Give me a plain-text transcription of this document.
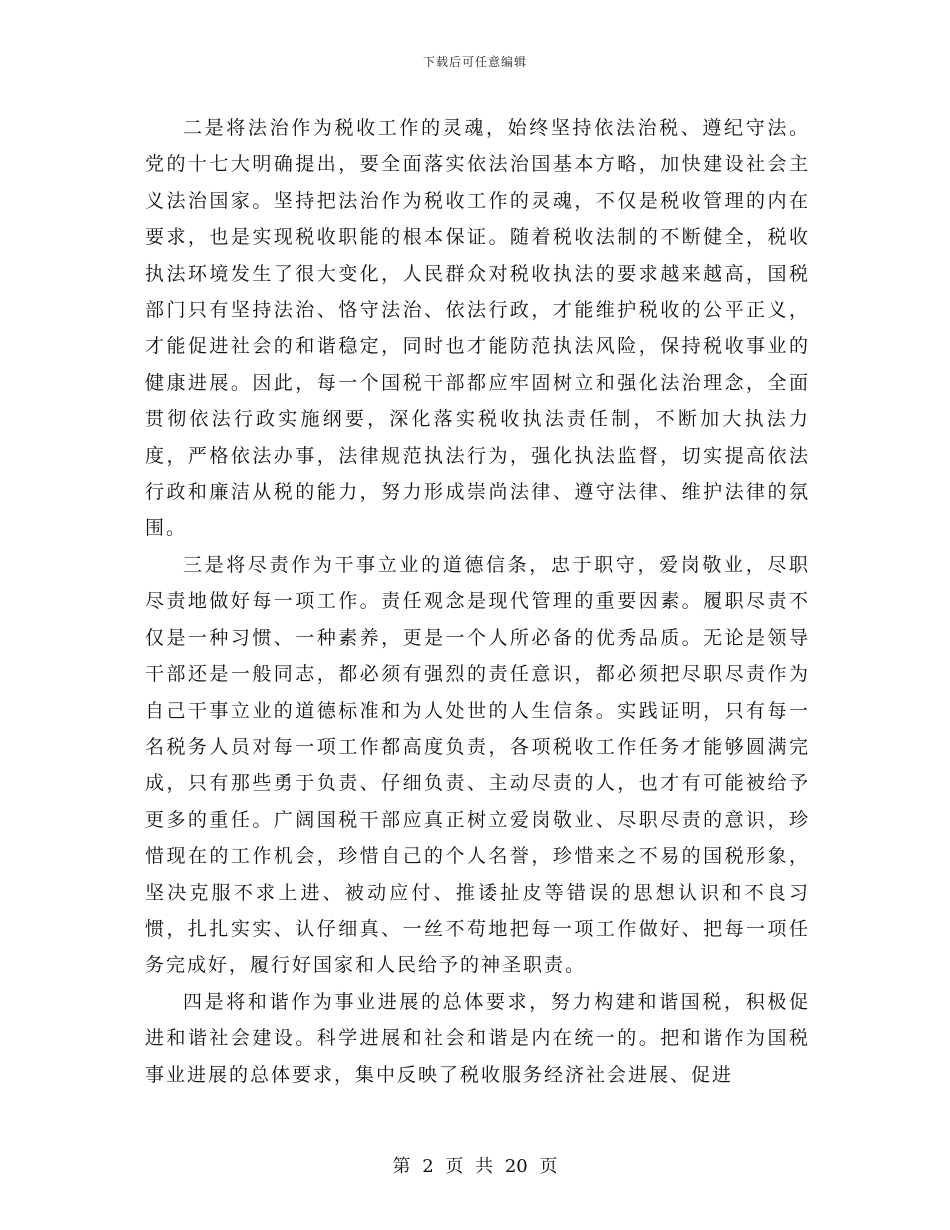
下载后可任意编辑

二是将法治作为税收工作的灵魂，始终坚持依法治税、遵纪守法。党的十七大明确提出，要全面落实依法治国基本方略，加快建设社会主义法治国家。坚持把法治作为税收工作的灵魂，不仅是税收管理的内在要求，也是实现税收职能的根本保证。随着税收法制的不断健全，税收执法环境发生了很大变化，人民群众对税收执法的要求越来越高，国税部门只有坚持法治、恪守法治、依法行政，才能维护税收的公平正义，才能促进社会的和谐稳定，同时也才能防范执法风险，保持税收事业的健康进展。因此，每一个国税干部都应牢固树立和强化法治理念，全面贯彻依法行政实施纲要，深化落实税收执法责任制，不断加大执法力度，严格依法办事，法律规范执法行为，强化执法监督，切实提高依法行政和廉洁从税的能力，努力形成崇尚法律、遵守法律、维护法律的氛围。

三是将尽责作为干事立业的道德信条，忠于职守，爱岗敬业，尽职尽责地做好每一项工作。责任观念是现代管理的重要因素。履职尽责不仅是一种习惯、一种素养，更是一个人所必备的优秀品质。无论是领导干部还是一般同志，都必须有强烈的责任意识，都必须把尽职尽责作为自己干事立业的道德标准和为人处世的人生信条。实践证明，只有每一名税务人员对每一项工作都高度负责，各项税收工作任务才能够圆满完成，只有那些勇于负责、仔细负责、主动尽责的人，也才有可能被给予更多的重任。广阔国税干部应真正树立爱岗敬业、尽职尽责的意识，珍惜现在的工作机会，珍惜自己的个人名誉，珍惜来之不易的国税形象，坚决克服不求上进、被动应付、推诿扯皮等错误的思想认识和不良习惯，扎扎实实、认仔细真、一丝不苟地把每一项工作做好、把每一项任务完成好，履行好国家和人民给予的神圣职责。

四是将和谐作为事业进展的总体要求，努力构建和谐国税，积极促进和谐社会建设。科学进展和社会和谐是内在统一的。把和谐作为国税事业进展的总体要求，集中反映了税收服务经济社会进展、促进

第 2 页 共 20 页
